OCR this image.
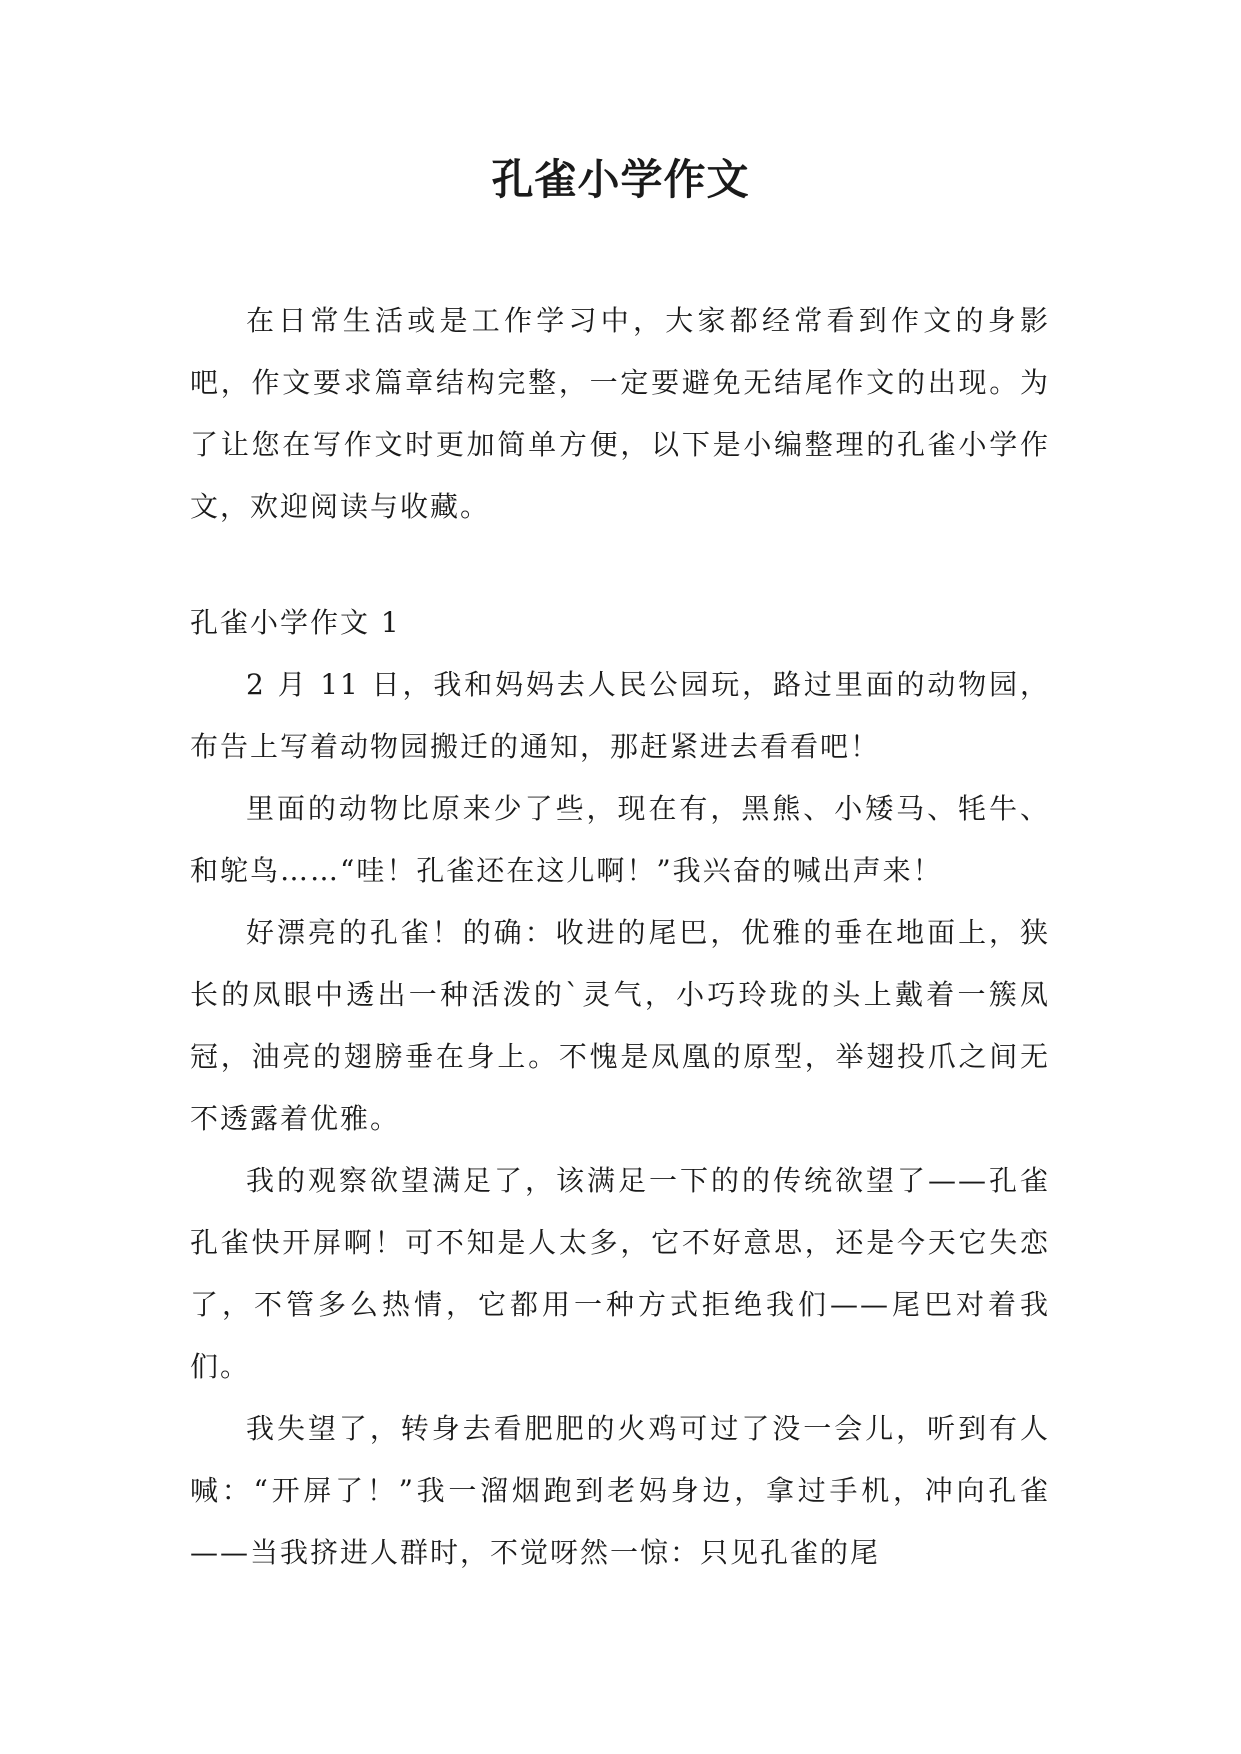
孔雀小学作文

在日常生活或是工作学习中，大家都经常看到作文的身影吧，作文要求篇章结构完整，一定要避免无结尾作文的出现。为了让您在写作文时更加简单方便，以下是小编整理的孔雀小学作文，欢迎阅读与收藏。

孔雀小学作文 1

2 月 11 日，我和妈妈去人民公园玩，路过里面的动物园，布告上写着动物园搬迁的通知，那赶紧进去看看吧！

里面的动物比原来少了些，现在有，黑熊、小矮马、牦牛、和鸵鸟……“哇！孔雀还在这儿啊！”我兴奋的喊出声来！

好漂亮的孔雀！的确：收进的尾巴，优雅的垂在地面上，狭长的凤眼中透出一种活泼的`灵气，小巧玲珑的头上戴着一簇凤冠，油亮的翅膀垂在身上。不愧是凤凰的原型，举翅投爪之间无不透露着优雅。

我的观察欲望满足了，该满足一下的的传统欲望了——孔雀孔雀快开屏啊！可不知是人太多，它不好意思，还是今天它失恋了，不管多么热情，它都用一种方式拒绝我们——尾巴对着我们。

我失望了，转身去看肥肥的火鸡可过了没一会儿，听到有人喊：“开屏了！”我一溜烟跑到老妈身边，拿过手机，冲向孔雀——当我挤进人群时，不觉呀然一惊：只见孔雀的尾
